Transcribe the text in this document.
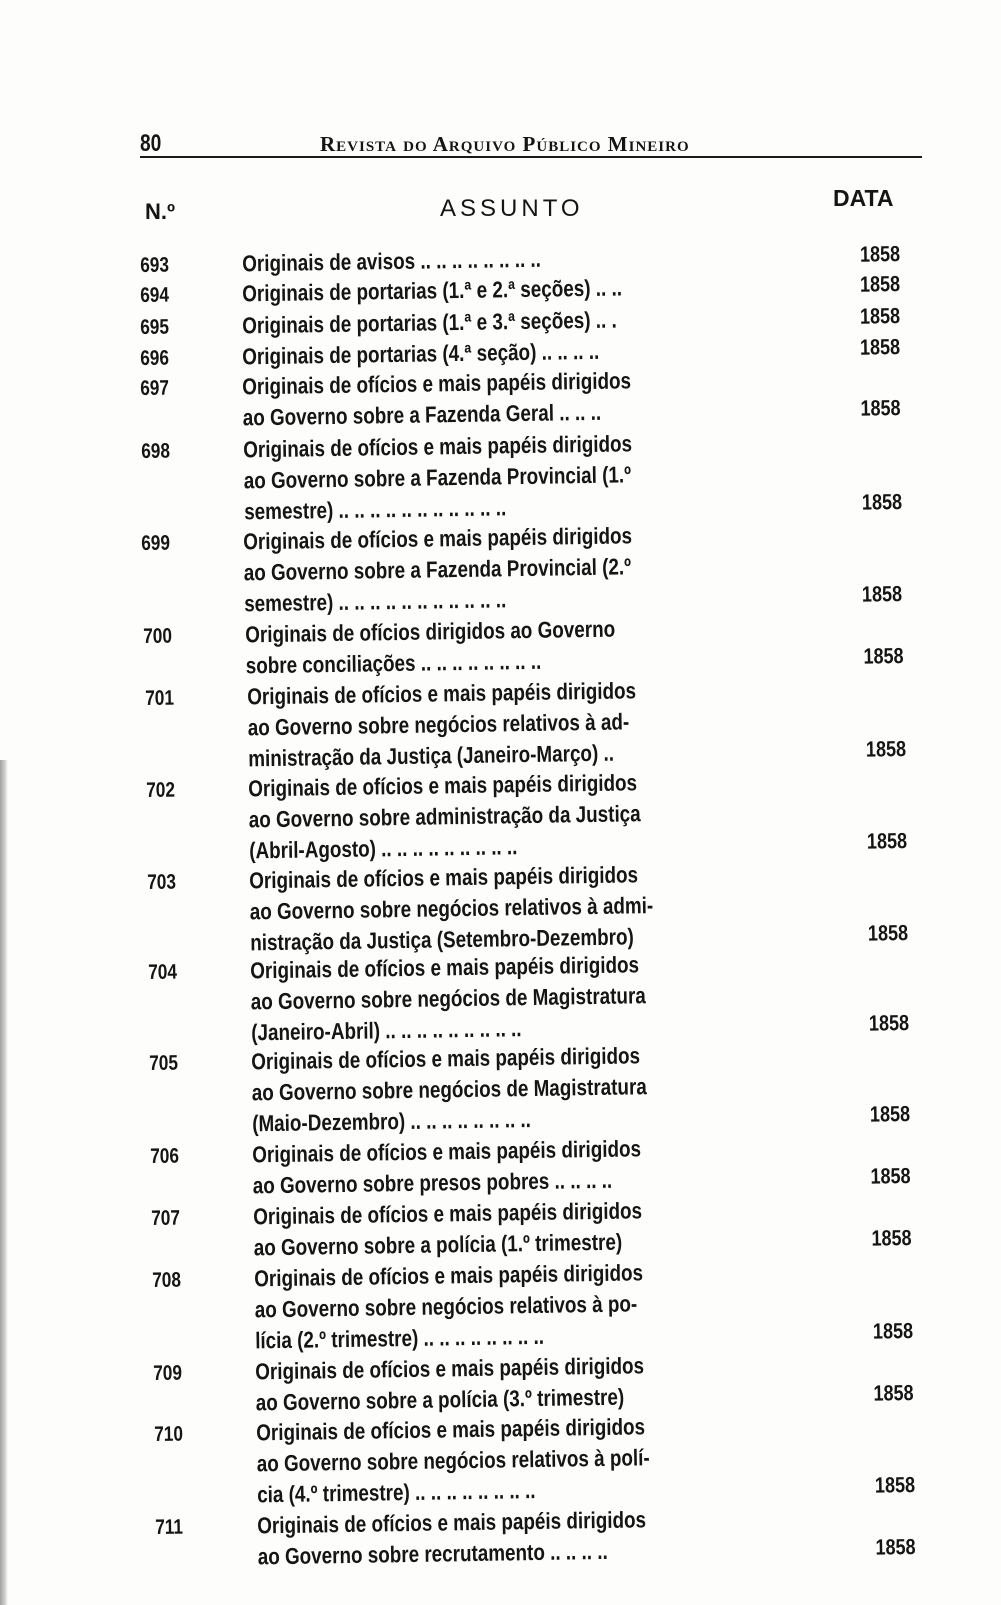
80	Revista do Arquivo Público Mineiro
N.º	ASSUNTO	DATA
693	Originais de avisos .. .. .. .. .. .. .. ..	1858
694	Originais de portarias (1.ª e 2.ª seções) .. ..	1858
695	Originais de portarias (1.ª e 3.ª seções) .. .	1858
696	Originais de portarias (4.ª seção) .. .. .. ..	1858
697	Originais de ofícios e mais papéis dirigidos
ao Governo sobre a Fazenda Geral .. .. ..	1858
698	Originais de ofícios e mais papéis dirigidos
ao Governo sobre a Fazenda Provincial (1.º
semestre) .. .. .. .. .. .. .. .. .. .. ..	1858
699	Originais de ofícios e mais papéis dirigidos
ao Governo sobre a Fazenda Provincial (2.º
semestre) .. .. .. .. .. .. .. .. .. .. ..	1858
700	Originais de ofícios dirigidos ao Governo
sobre conciliações .. .. .. .. .. .. .. ..	1858
701	Originais de ofícios e mais papéis dirigidos
ao Governo sobre negócios relativos à ad-
ministração da Justiça (Janeiro-Março) ..	1858
702	Originais de ofícios e mais papéis dirigidos
ao Governo sobre administração da Justiça
(Abril-Agosto) .. .. .. .. .. .. .. .. ..	1858
703	Originais de ofícios e mais papéis dirigidos
ao Governo sobre negócios relativos à admi-
nistração da Justiça (Setembro-Dezembro)	1858
704	Originais de ofícios e mais papéis dirigidos
ao Governo sobre negócios de Magistratura
(Janeiro-Abril) .. .. .. .. .. .. .. .. ..	1858
705	Originais de ofícios e mais papéis dirigidos
ao Governo sobre negócios de Magistratura
(Maio-Dezembro) .. .. .. .. .. .. .. ..	1858
706	Originais de ofícios e mais papéis dirigidos
ao Governo sobre presos pobres .. .. .. ..	1858
707	Originais de ofícios e mais papéis dirigidos
ao Governo sobre a polícia (1.º trimestre)	1858
708	Originais de ofícios e mais papéis dirigidos
ao Governo sobre negócios relativos à po-
lícia (2.º trimestre) .. .. .. .. .. .. .. ..	1858
709	Originais de ofícios e mais papéis dirigidos
ao Governo sobre a polícia (3.º trimestre)	1858
710	Originais de ofícios e mais papéis dirigidos
ao Governo sobre negócios relativos à polí-
cia (4.º trimestre) .. .. .. .. .. .. .. ..	1858
711	Originais de ofícios e mais papéis dirigidos
ao Governo sobre recrutamento .. .. .. ..	1858
